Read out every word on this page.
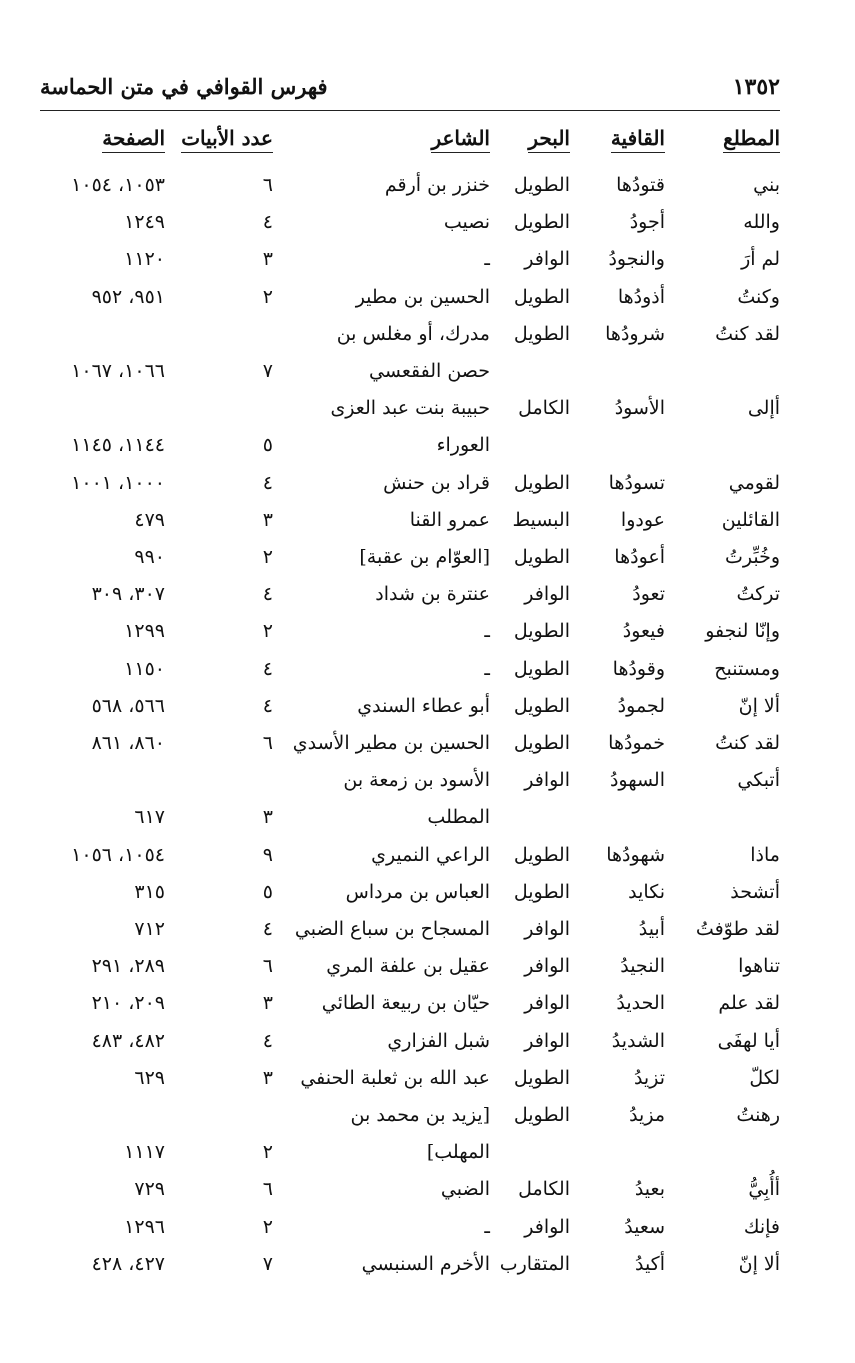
١٣٥٢
فهرس القوافي في متن الحماسة
المطلع
القافية
البحر
الشاعر
عدد الأبيات
الصفحة
بني
قتودُها
الطويل
خنزر بن أرقم
٦
١٠٥٣، ١٠٥٤
والله
أجودُ
الطويل
نصيب
٤
١٢٤٩
لم أرَ
والنجودُ
الوافر
ـ
٣
١١٢٠
وكنتُ
أذودُها
الطويل
الحسين بن مطير
٢
٩٥١، ٩٥٢
لقد كنتُ
شرودُها
الطويل
مدرك، أو مغلس بن
حصن الفقعسي
٧
١٠٦٦، ١٠٦٧
أإلى
الأسودُ
الكامل
حبيبة بنت عبد العزى
العوراء
٥
١١٤٤، ١١٤٥
لقومي
تسودُها
الطويل
قراد بن حنش
٤
١٠٠٠، ١٠٠١
القائلين
عودوا
البسيط
عمرو القنا
٣
٤٧٩
وخُبِّرتُ
أعودُها
الطويل
[العوّام بن عقبة]
٢
٩٩٠
تركتُ
تعودُ
الوافر
عنترة بن شداد
٤
٣٠٧، ٣٠٩
وإنّا لنجفو
فيعودُ
الطويل
ـ
٢
١٢٩٩
ومستنبح
وقودُها
الطويل
ـ
٤
١١٥٠
ألا إنّ
لجمودُ
الطويل
أبو عطاء السندي
٤
٥٦٦، ٥٦٨
لقد كنتُ
خمودُها
الطويل
الحسين بن مطير الأسدي
٦
٨٦٠، ٨٦١
أتبكي
السهودُ
الوافر
الأسود بن زمعة بن
المطلب
٣
٦١٧
ماذا
شهودُها
الطويل
الراعي النميري
٩
١٠٥٤، ١٠٥٦
أتشحذ
نكايد
الطويل
العباس بن مرداس
٥
٣١٥
لقد طوّفتُ
أبيدُ
الوافر
المسجاح بن سباع الضبي
٤
٧١٢
تناهوا
النجيدُ
الوافر
عقيل بن علفة المري
٦
٢٨٩، ٢٩١
لقد علم
الحديدُ
الوافر
حيّان بن ربيعة الطائي
٣
٢٠٩، ٢١٠
أيا لهفَى
الشديدُ
الوافر
شبل الفزاري
٤
٤٨٢، ٤٨٣
لكلّ
تزيدُ
الطويل
عبد الله بن ثعلبة الحنفي
٣
٦٢٩
رهنتُ
مزيدُ
الطويل
[يزيد بن محمد بن
المهلب]
٢
١١١٧
أأُبِيُّ
بعيدُ
الكامل
الضبي
٦
٧٢٩
فإنك
سعيدُ
الوافر
ـ
٢
١٢٩٦
ألا إنّ
أكيدُ
المتقارب
الأخرم السنبسي
٧
٤٢٧، ٤٢٨
